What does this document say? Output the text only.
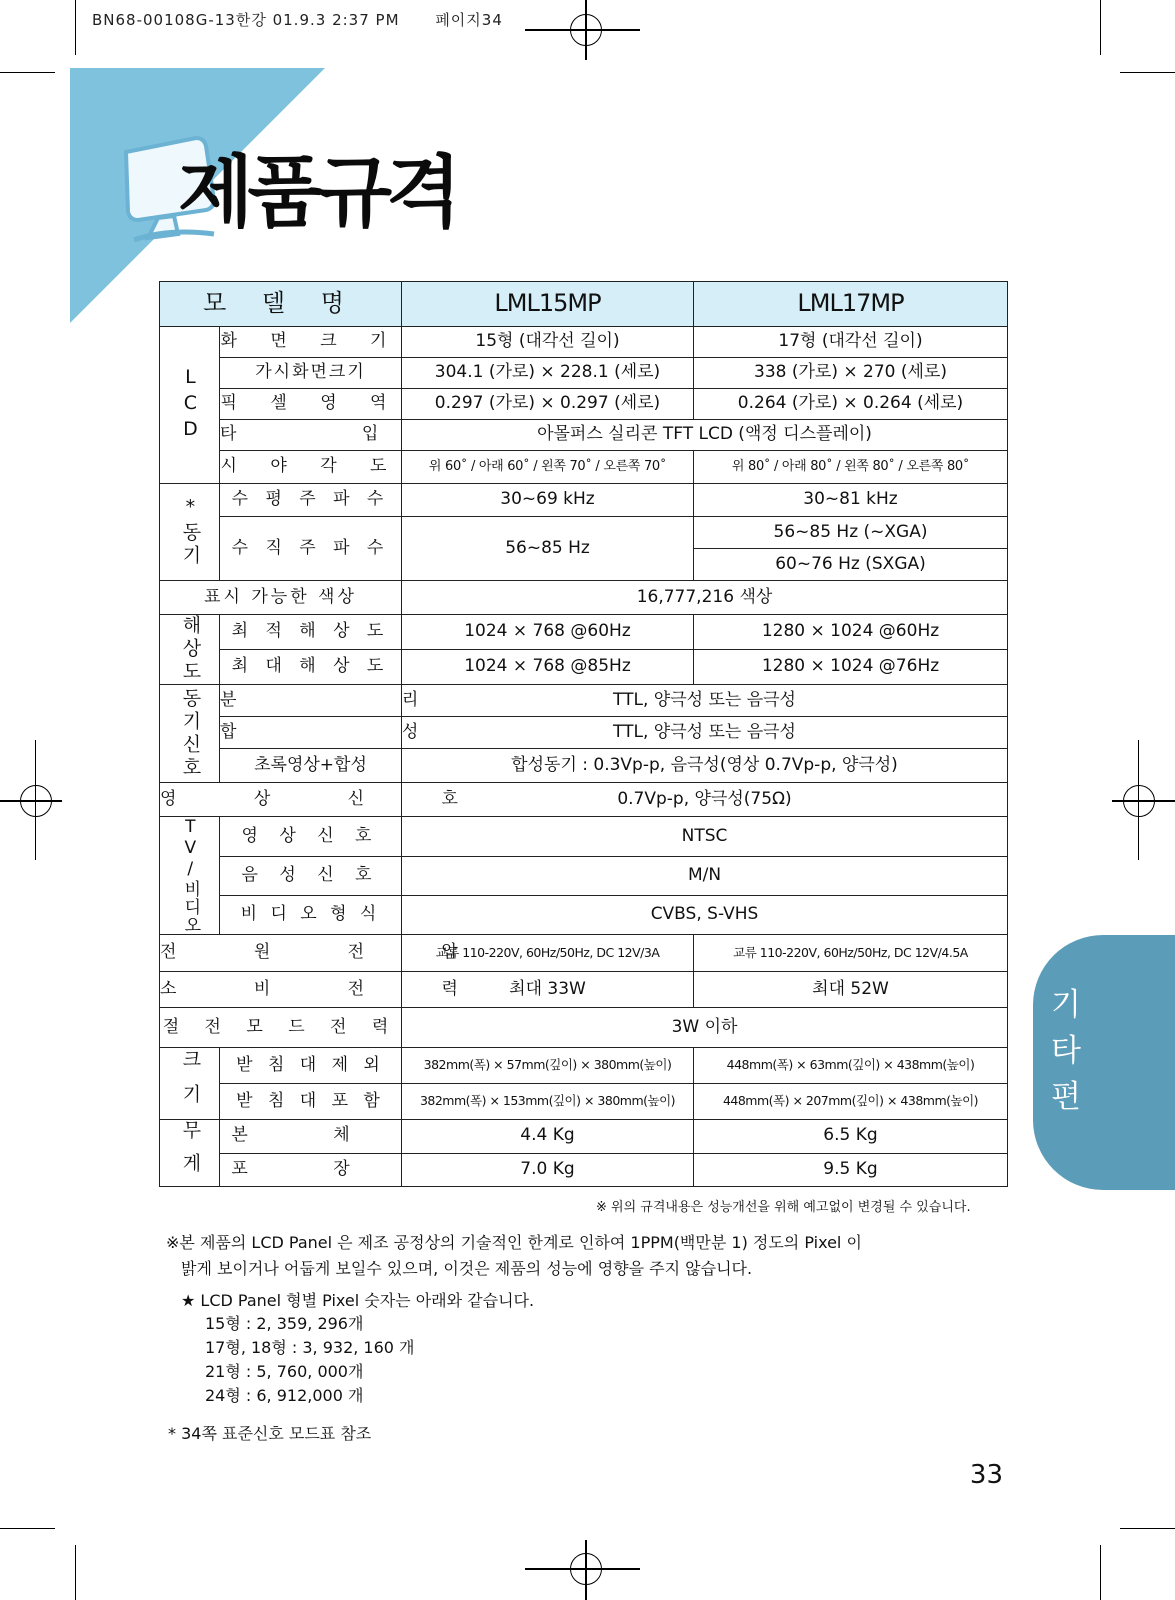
BN68-00108G-13한강 01.9.3 2:37 PM 페이지34
제품규격
모 델 명		LML15MP	LML17MP
LCD	화 면 크 기	15형 (대각선 길이)	17형 (대각선 길이)
	가시화면크기	304.1 (가로) × 228.1 (세로)	338 (가로) × 270 (세로)
	픽 셀 영 역	0.297 (가로) × 0.297 (세로)	0.264 (가로) × 0.264 (세로)
	타 입	아몰퍼스 실리콘 TFT LCD (액정 디스플레이)	
	시 야 각 도	위 60˚ / 아래 60˚ / 왼쪽 70˚ / 오른쪽 70˚	위 80˚ / 아래 80˚ / 왼쪽 80˚ / 오른쪽 80˚
*동기	수 평 주 파 수	30~69 kHz	30~81 kHz
	수 직 주 파 수	56~85 Hz	56~85 Hz (~XGA)
			60~76 Hz (SXGA)
표시 가능한 색상		16,777,216 색상	
해상도	최 적 해 상 도	1024 × 768 @60Hz	1280 × 1024 @60Hz
	최 대 해 상 도	1024 × 768 @85Hz	1280 × 1024 @76Hz
동기신호	분 리	TTL, 양극성 또는 음극성	
	합 성	TTL, 양극성 또는 음극성	
	초록영상+합성	합성동기 : 0.3Vp-p, 음극성(영상 0.7Vp-p, 양극성)	
영 상 신 호		0.7Vp-p, 양극성(75Ω)	
TV/비디오	영 상 신 호	NTSC	
	음 성 신 호	M/N	
	비 디 오 형 식	CVBS, S-VHS	
전 원 전 압		교류 110-220V, 60Hz/50Hz, DC 12V/3A	교류 110-220V, 60Hz/50Hz, DC 12V/4.5A
소 비 전 력		최대 33W	최대 52W
절 전 모 드 전 력		3W 이하	
크기	받 침 대 제 외	382mm(폭) × 57mm(깊이) × 380mm(높이)	448mm(폭) × 63mm(깊이) × 438mm(높이)
	받 침 대 포 함	382mm(폭) × 153mm(깊이) × 380mm(높이)	448mm(폭) × 207mm(깊이) × 438mm(높이)
무게	본 체	4.4 Kg	6.5 Kg
	포 장	7.0 Kg	9.5 Kg
기
타
편
※ 위의 규격내용은 성능개선을 위해 예고없이 변경될 수 있습니다.
※본 제품의 LCD Panel 은 제조 공정상의 기술적인 한계로 인하여 1PPM(백만분 1) 정도의 Pixel 이
밝게 보이거나 어둡게 보일수 있으며, 이것은 제품의 성능에 영향을 주지 않습니다.
★ LCD Panel 형별 Pixel 숫자는 아래와 같습니다.
15형 : 2, 359, 296개
17형, 18형 : 3, 932, 160 개
21형 : 5, 760, 000개
24형 : 6, 912,000 개
* 34쪽 표준신호 모드표 참조
33
